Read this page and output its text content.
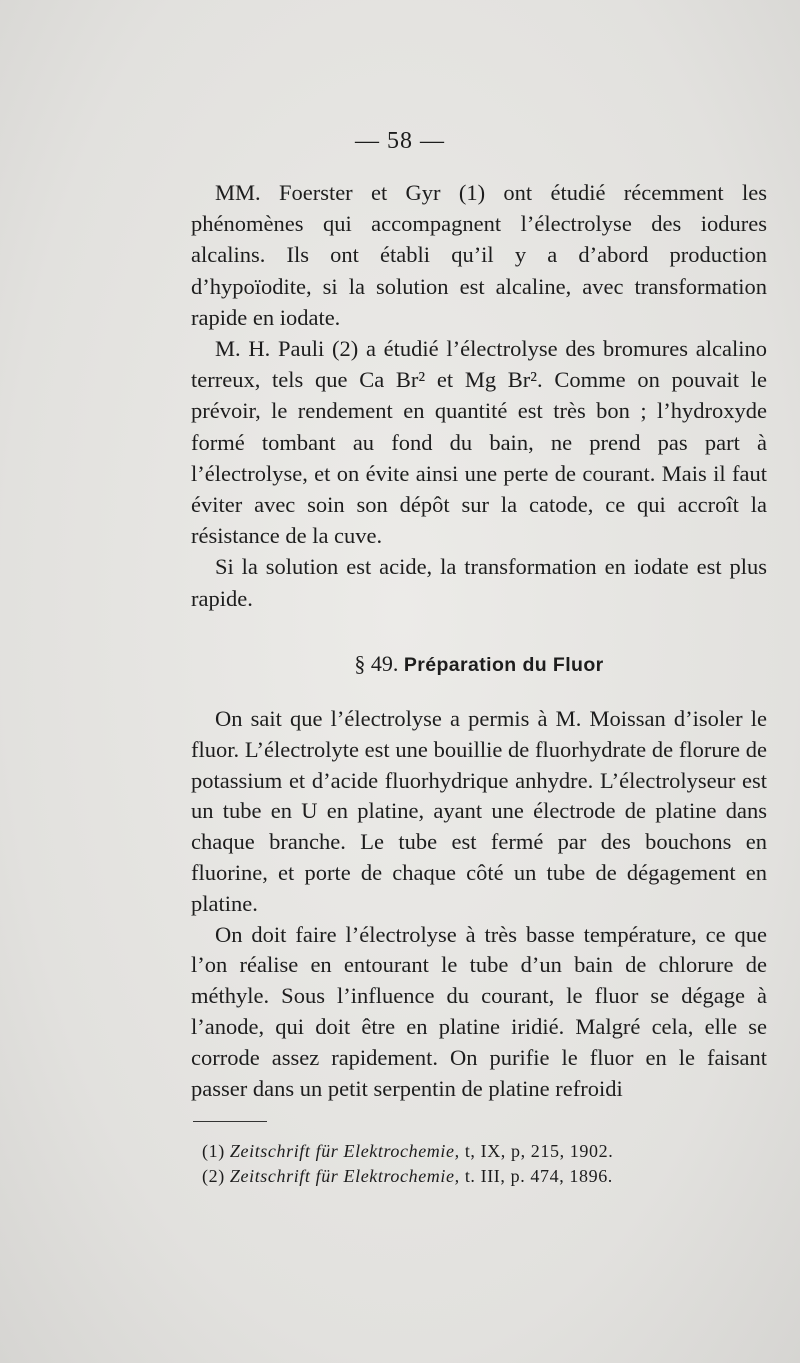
— 58 —

MM. Foerster et Gyr (1) ont étudié récemment les phénomènes qui accompagnent l’électrolyse des iodures alcalins. Ils ont établi qu’il y a d’abord production d’hypoïodite, si la solution est alcaline, avec transformation rapide en iodate.

M. H. Pauli (2) a étudié l’électrolyse des bromures alcalino terreux, tels que Ca Br² et Mg Br². Comme on pouvait le prévoir, le rendement en quantité est très bon ; l’hydroxyde formé tombant au fond du bain, ne prend pas part à l’électrolyse, et on évite ainsi une perte de courant. Mais il faut éviter avec soin son dépôt sur la catode, ce qui accroît la résistance de la cuve.

Si la solution est acide, la transformation en iodate est plus rapide.

§ 49. Préparation du Fluor

On sait que l’électrolyse a permis à M. Moissan d’isoler le fluor. L’électrolyte est une bouillie de fluorhydrate de florure de potassium et d’acide fluorhydrique anhydre. L’électrolyseur est un tube en U en platine, ayant une électrode de platine dans chaque branche. Le tube est fermé par des bouchons en fluorine, et porte de chaque côté un tube de dégagement en platine.

On doit faire l’électrolyse à très basse température, ce que l’on réalise en entourant le tube d’un bain de chlorure de méthyle. Sous l’influence du courant, le fluor se dégage à l’anode, qui doit être en platine iridié. Malgré cela, elle se corrode assez rapidement. On purifie le fluor en le faisant passer dans un petit serpentin de platine refroidi

(1) Zeitschrift für Elektrochemie, t, IX, p, 215, 1902.
(2) Zeitschrift für Elektrochemie, t. III, p. 474, 1896.
